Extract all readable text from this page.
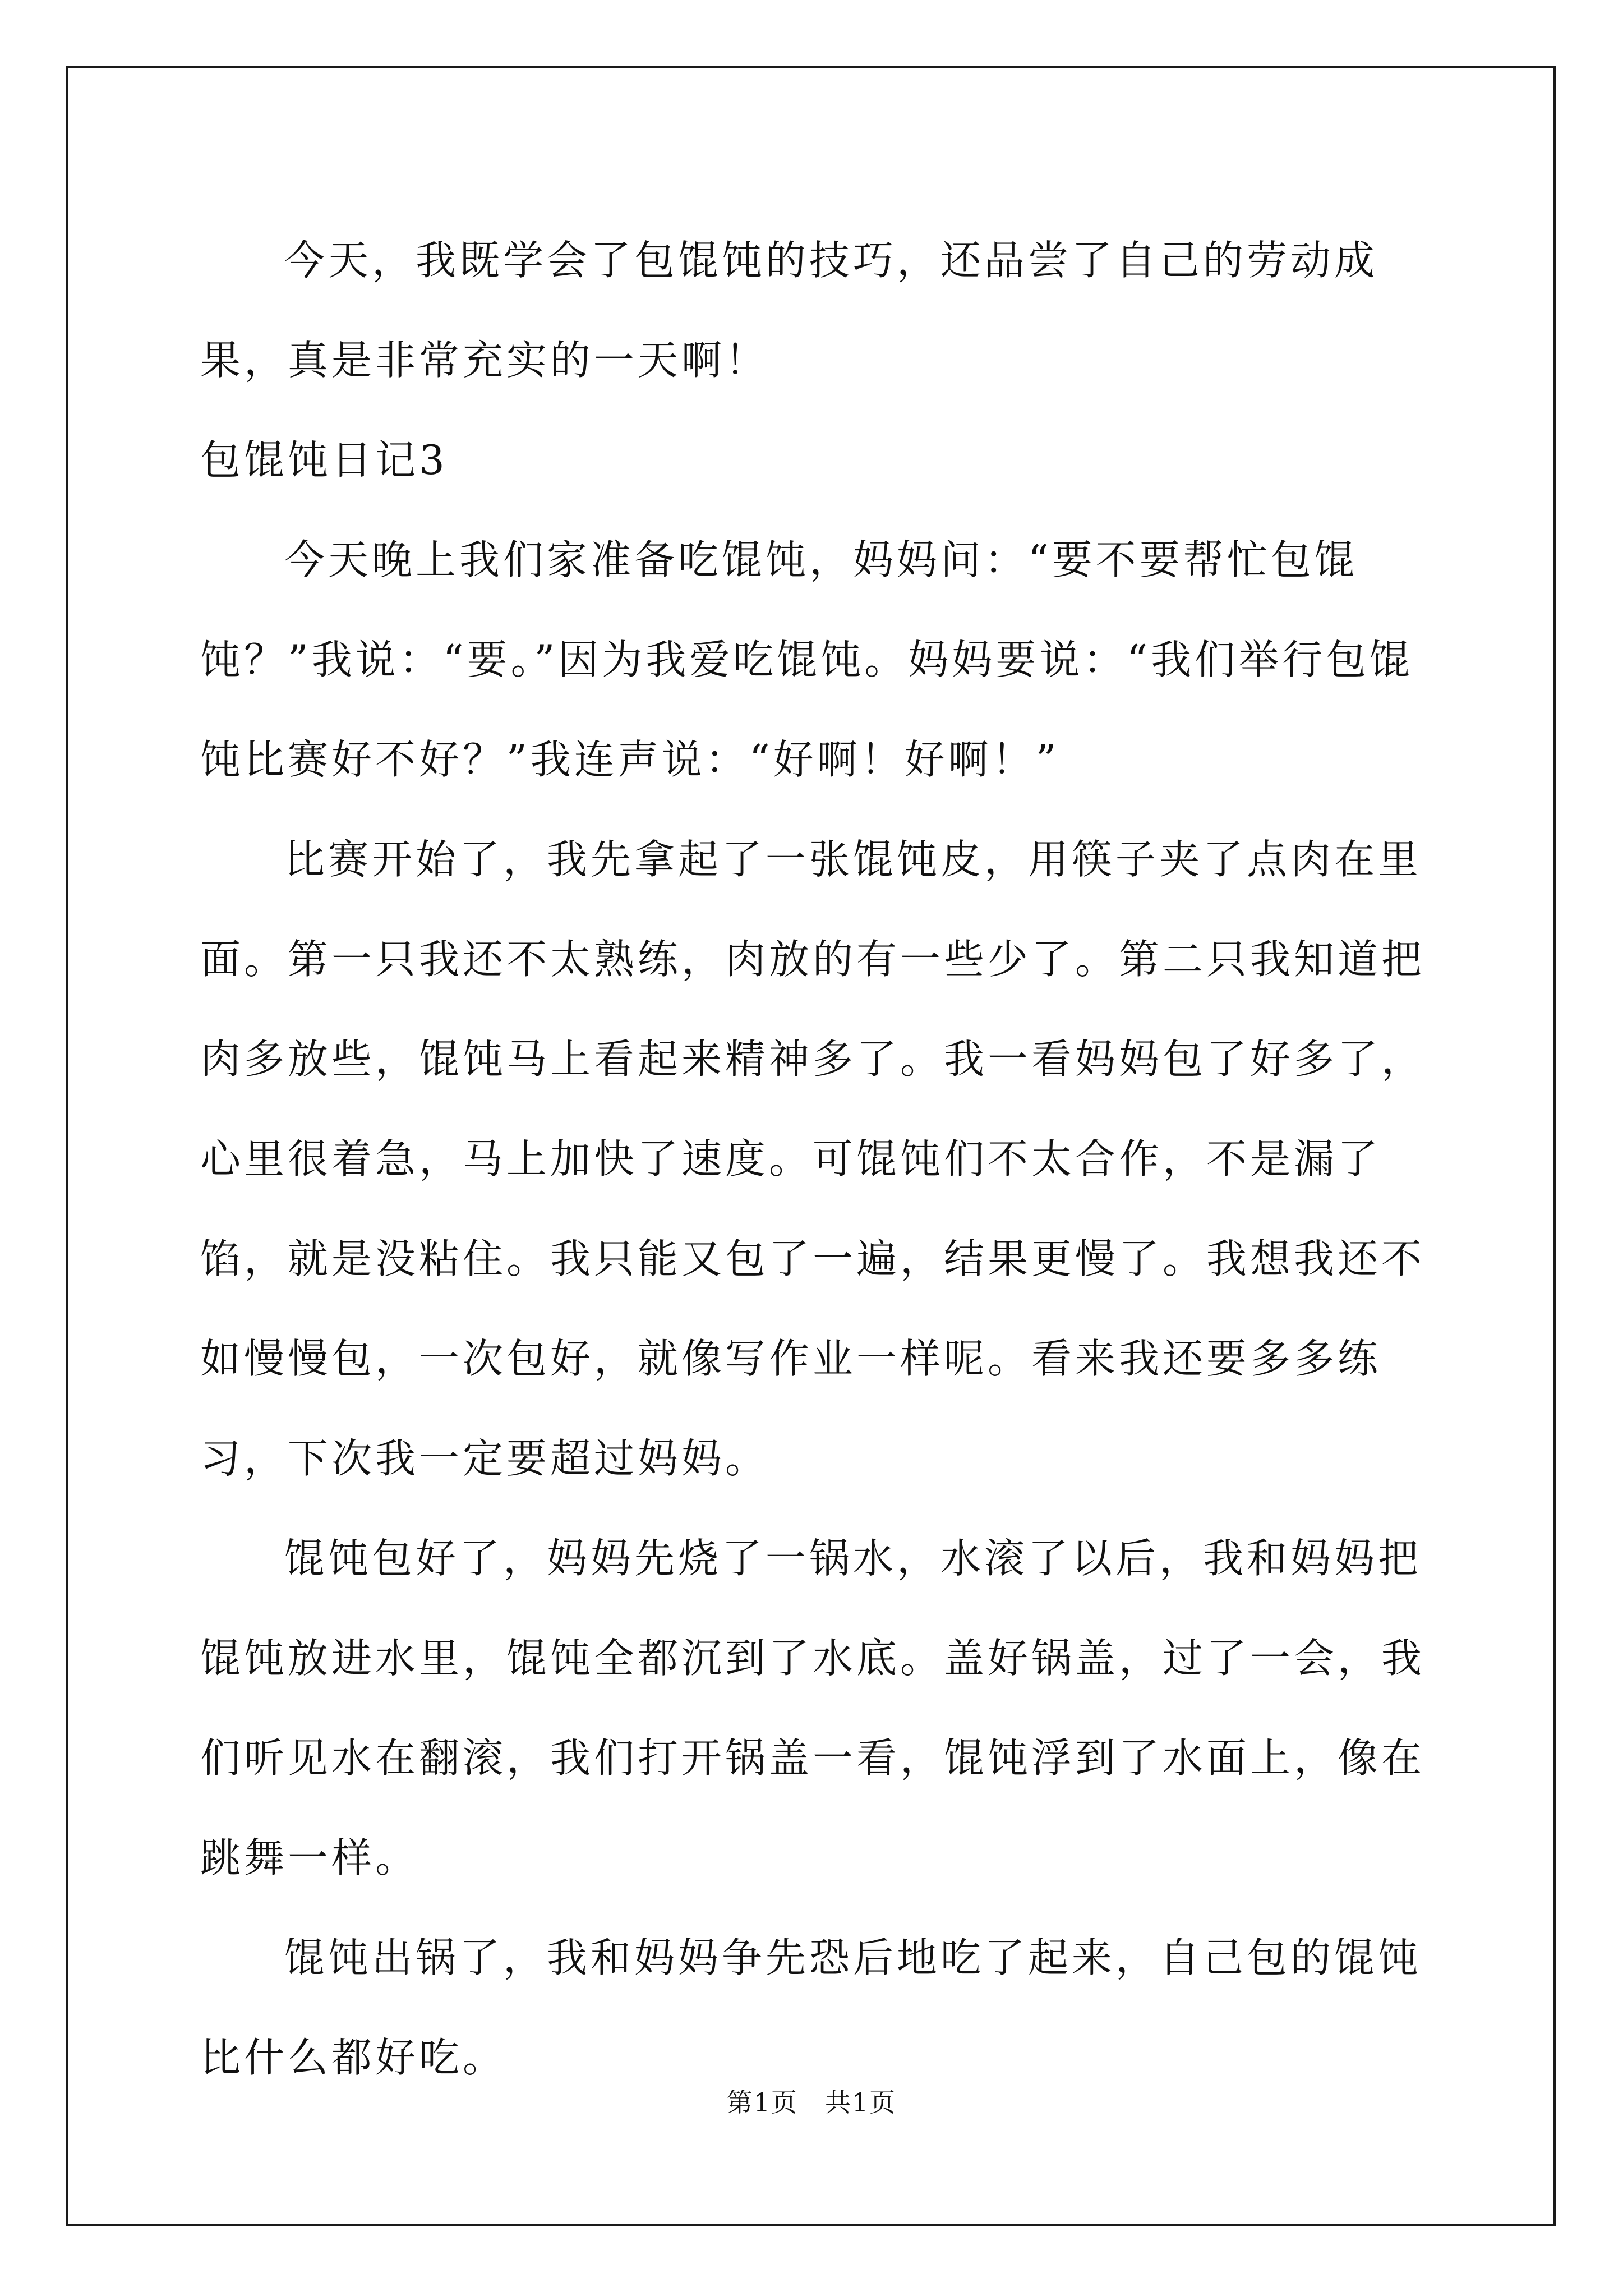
今天，我既学会了包馄饨的技巧，还品尝了自己的劳动成果，真是非常充实的一天啊！

包馄饨日记3

今天晚上我们家准备吃馄饨，妈妈问：“要不要帮忙包馄饨？”我说：“要。”因为我爱吃馄饨。妈妈要说：“我们举行包馄饨比赛好不好？”我连声说：“好啊！好啊！”

比赛开始了，我先拿起了一张馄饨皮，用筷子夹了点肉在里面。第一只我还不太熟练，肉放的有一些少了。第二只我知道把肉多放些，馄饨马上看起来精神多了。我一看妈妈包了好多了，心里很着急，马上加快了速度。可馄饨们不太合作，不是漏了馅，就是没粘住。我只能又包了一遍，结果更慢了。我想我还不如慢慢包，一次包好，就像写作业一样呢。看来我还要多多练习，下次我一定要超过妈妈。

馄饨包好了，妈妈先烧了一锅水，水滚了以后，我和妈妈把馄饨放进水里，馄饨全都沉到了水底。盖好锅盖，过了一会，我们听见水在翻滚，我们打开锅盖一看，馄饨浮到了水面上，像在跳舞一样。

馄饨出锅了，我和妈妈争先恐后地吃了起来，自己包的馄饨比什么都好吃。

第1页　共1页
